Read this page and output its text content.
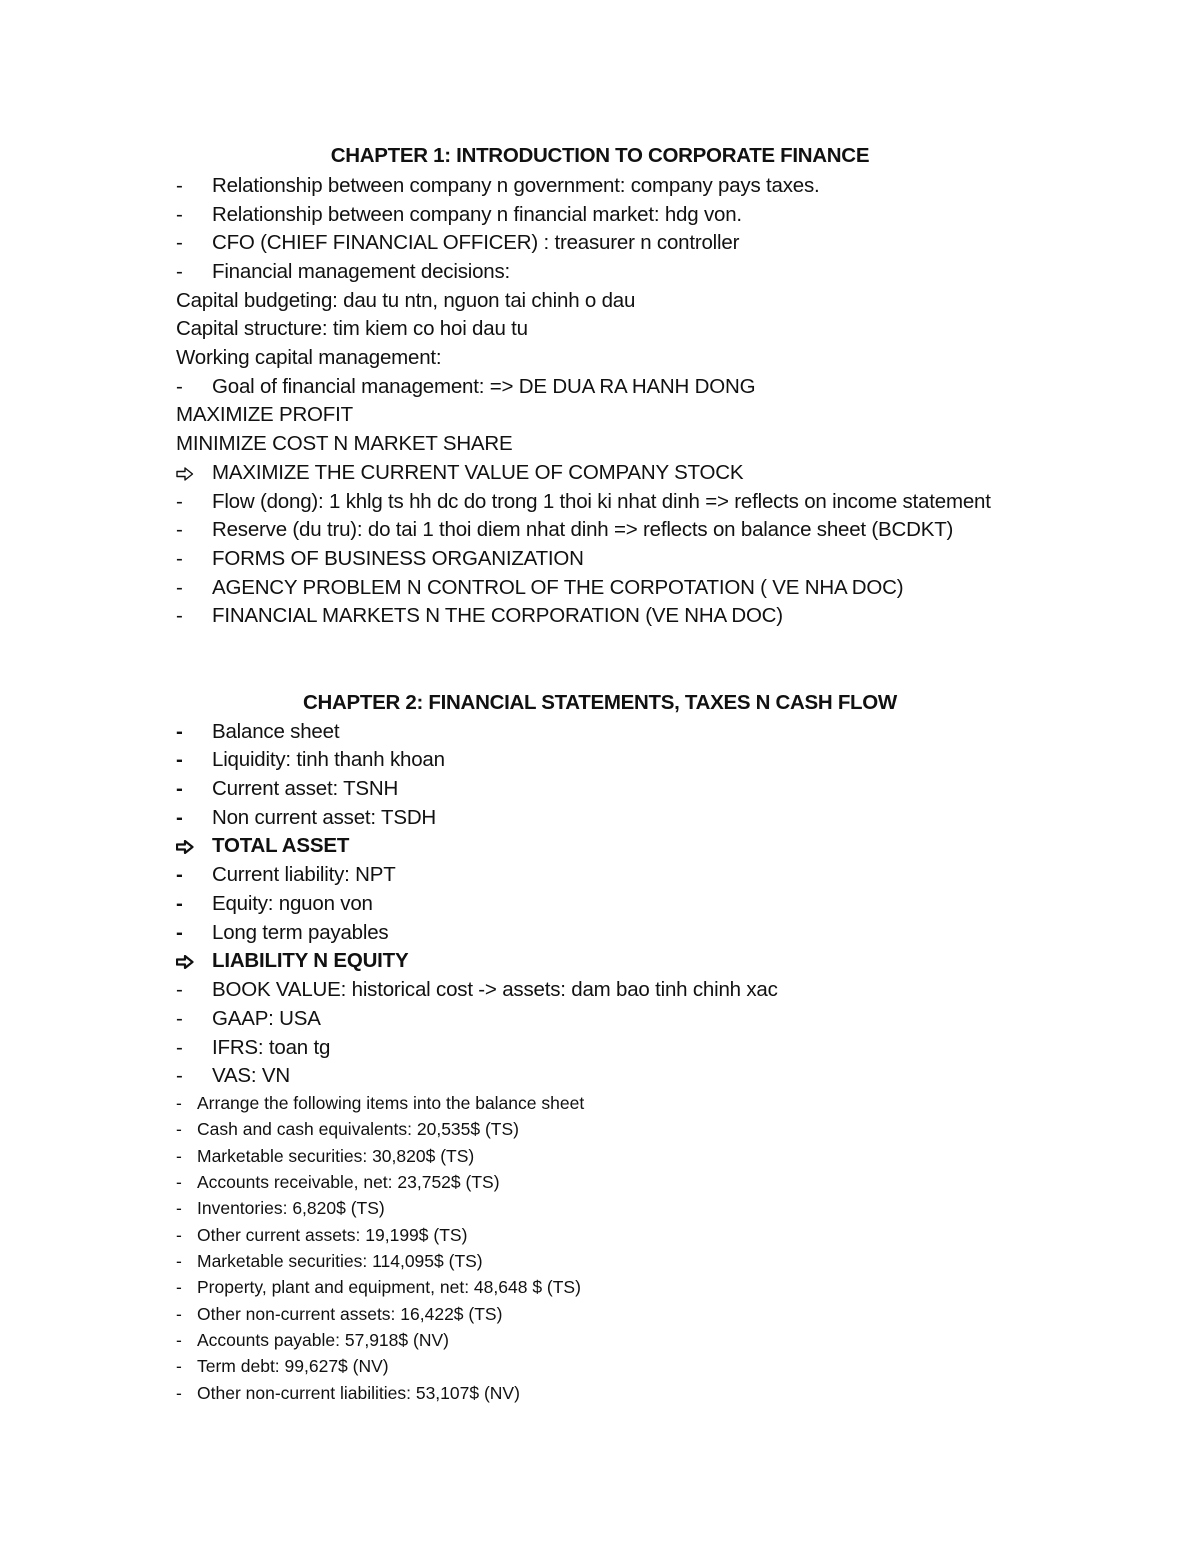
CHAPTER 1: INTRODUCTION TO CORPORATE FINANCE
-	Relationship between company n government: company pays taxes.
-	Relationship between company n financial market: hdg von.
-	CFO (CHIEF FINANCIAL OFFICER) : treasurer n controller
-	Financial management decisions:
Capital budgeting: dau tu ntn, nguon tai chinh o dau
Capital structure: tim kiem co hoi dau tu
Working capital management:
-	Goal of financial management: => DE DUA RA HANH DONG
MAXIMIZE PROFIT
MINIMIZE COST N MARKET SHARE
MAXIMIZE THE CURRENT VALUE OF COMPANY STOCK
-	Flow (dong): 1 khlg ts hh dc do trong 1 thoi ki nhat dinh => reflects on income statement
-	Reserve (du tru): do tai 1 thoi diem nhat dinh => reflects on balance sheet (BCDKT)
-	FORMS OF BUSINESS ORGANIZATION
-	AGENCY PROBLEM N CONTROL OF THE CORPOTATION ( VE NHA DOC)
-	FINANCIAL MARKETS N THE CORPORATION (VE NHA DOC)
CHAPTER 2: FINANCIAL STATEMENTS, TAXES N CASH FLOW
-	Balance sheet
-	Liquidity: tinh thanh khoan
-	Current asset: TSNH
-	Non current asset: TSDH
TOTAL ASSET
-	Current liability: NPT
-	Equity: nguon von
-	Long term payables
LIABILITY N EQUITY
-	BOOK VALUE: historical cost -> assets: dam bao tinh chinh xac
-	GAAP: USA
-	IFRS: toan tg
-	VAS: VN
- Arrange the following items into the balance sheet
- Cash and cash equivalents: 20,535$ (TS)
- Marketable securities: 30,820$ (TS)
- Accounts receivable, net: 23,752$ (TS)
- Inventories: 6,820$ (TS)
- Other current assets: 19,199$ (TS)
- Marketable securities: 114,095$ (TS)
- Property, plant and equipment, net: 48,648 $ (TS)
- Other non-current assets: 16,422$ (TS)
- Accounts payable: 57,918$ (NV)
- Term debt: 99,627$ (NV)
- Other non-current liabilities: 53,107$ (NV)
